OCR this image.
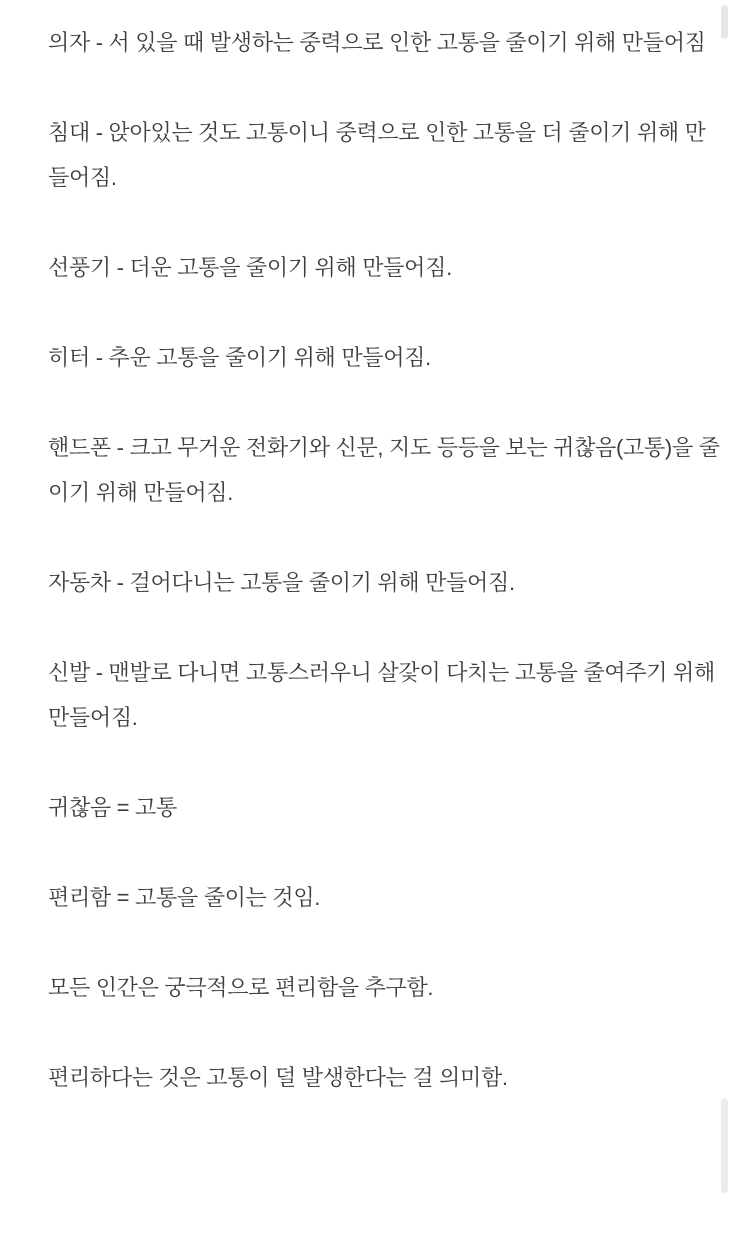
의자 - 서 있을 때 발생하는 중력으로 인한 고통을 줄이기 위해 만들어짐

침대 - 앉아있는 것도 고통이니 중력으로 인한 고통을 더 줄이기 위해 만
들어짐.

선풍기 - 더운 고통을 줄이기 위해 만들어짐.

히터 - 추운 고통을 줄이기 위해 만들어짐.

핸드폰 - 크고 무거운 전화기와 신문, 지도 등등을 보는 귀찮음(고통)을 줄
이기 위해 만들어짐.

자동차 - 걸어다니는 고통을 줄이기 위해 만들어짐.

신발 - 맨발로 다니면 고통스러우니 살갗이 다치는 고통을 줄여주기 위해
만들어짐.

귀찮음 = 고통

편리함 = 고통을 줄이는 것임.

모든 인간은 궁극적으로 편리함을 추구함.

편리하다는 것은 고통이 덜 발생한다는 걸 의미함.
